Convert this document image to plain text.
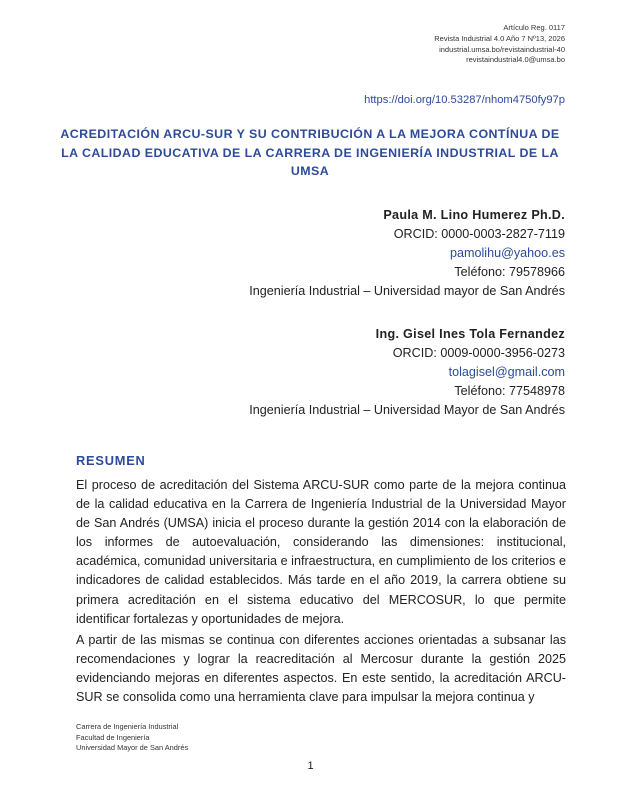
Artículo Reg. 0117
Revista Industrial 4.0 Año 7 Nº13, 2026
industrial.umsa.bo/revistaindustrial-40
revistaindustrial4.0@umsa.bo
https://doi.org/10.53287/nhom4750fy97p
ACREDITACIÓN ARCU-SUR Y SU CONTRIBUCIÓN A LA MEJORA CONTÍNUA DE LA CALIDAD EDUCATIVA DE LA CARRERA DE INGENIERÍA INDUSTRIAL DE LA UMSA
Paula M. Lino Humerez Ph.D.
ORCID: 0000-0003-2827-7119
pamolihu@yahoo.es
Teléfono: 79578966
Ingeniería Industrial – Universidad mayor de San Andrés
Ing. Gisel Ines Tola Fernandez
ORCID: 0009-0000-3956-0273
tolagisel@gmail.com
Teléfono: 77548978
Ingeniería Industrial – Universidad Mayor de San Andrés
RESUMEN

El proceso de acreditación del Sistema ARCU-SUR como parte de la mejora continua de la calidad educativa en la Carrera de Ingeniería Industrial de la Universidad Mayor de San Andrés (UMSA) inicia el proceso durante la gestión 2014 con la elaboración de los informes de autoevaluación, considerando las dimensiones: institucional, académica, comunidad universitaria e infraestructura, en cumplimiento de los criterios e indicadores de calidad establecidos. Más tarde en el año 2019, la carrera obtiene su primera acreditación en el sistema educativo del MERCOSUR, lo que permite identificar fortalezas y oportunidades de mejora.

A partir de las mismas se continua con diferentes acciones orientadas a subsanar las recomendaciones y lograr la reacreditación al Mercosur durante la gestión 2025 evidenciando mejoras en diferentes aspectos. En este sentido, la acreditación ARCU-SUR se consolida como una herramienta clave para impulsar la mejora continua y

Carrera de Ingeniería Industrial
Facultad de Ingeniería
Universidad Mayor de San Andrés
1
